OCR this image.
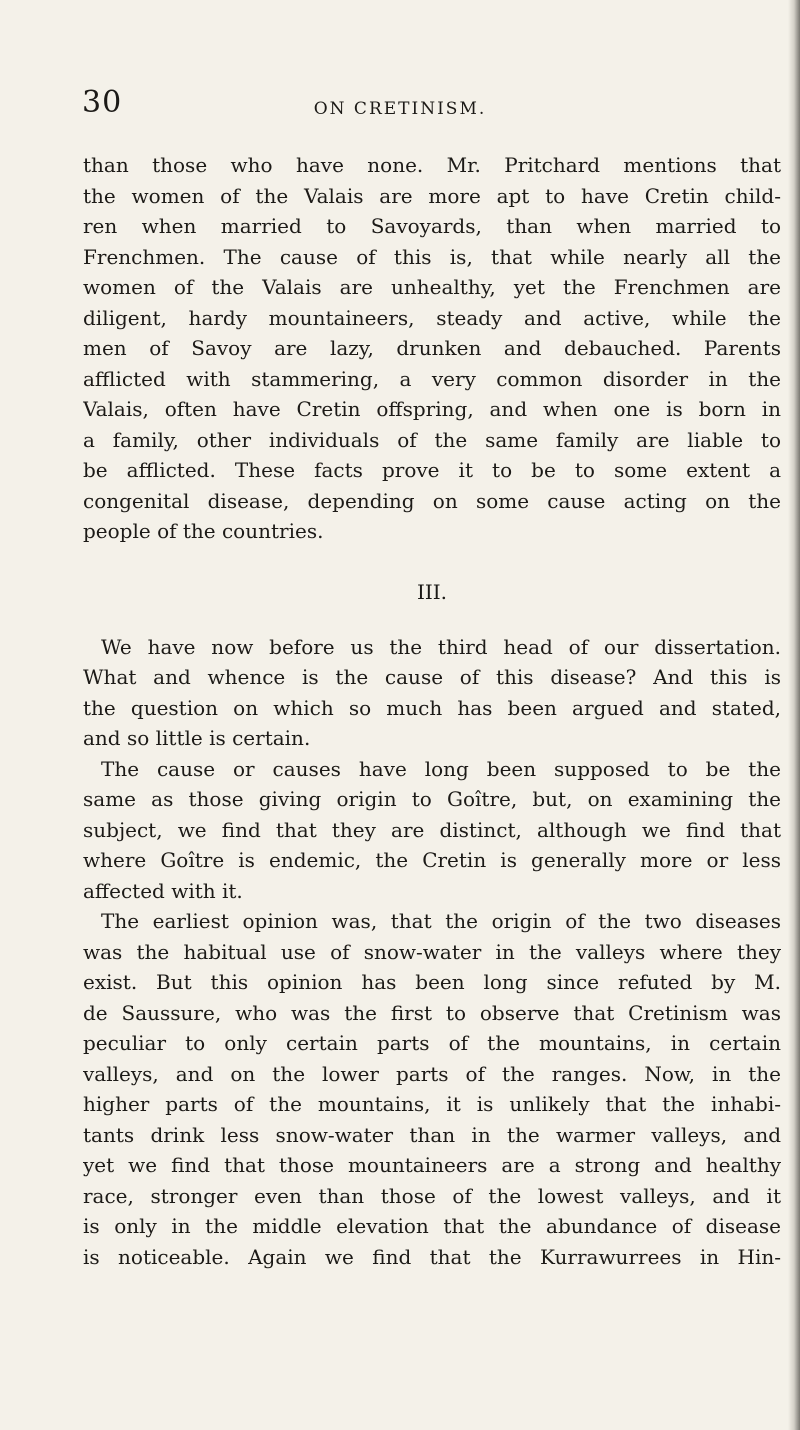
30	ON CRETINISM.
than those who have none. Mr. Pritchard mentions that
the women of the Valais are more apt to have Cretin child-
ren when married to Savoyards, than when married to
Frenchmen. The cause of this is, that while nearly all the
women of the Valais are unhealthy, yet the Frenchmen are
diligent, hardy mountaineers, steady and active, while the
men of Savoy are lazy, drunken and debauched. Parents
afflicted with stammering, a very common disorder in the
Valais, often have Cretin offspring, and when one is born in
a family, other individuals of the same family are liable to
be afflicted. These facts prove it to be to some extent a
congenital disease, depending on some cause acting on the
people of the countries.
III.
We have now before us the third head of our dissertation.
What and whence is the cause of this disease? And this is
the question on which so much has been argued and stated,
and so little is certain.
The cause or causes have long been supposed to be the
same as those giving origin to Goître, but, on examining the
subject, we find that they are distinct, although we find that
where Goître is endemic, the Cretin is generally more or less
affected with it.
The earliest opinion was, that the origin of the two diseases
was the habitual use of snow-water in the valleys where they
exist. But this opinion has been long since refuted by M.
de Saussure, who was the first to observe that Cretinism was
peculiar to only certain parts of the mountains, in certain
valleys, and on the lower parts of the ranges. Now, in the
higher parts of the mountains, it is unlikely that the inhabi-
tants drink less snow-water than in the warmer valleys, and
yet we find that those mountaineers are a strong and healthy
race, stronger even than those of the lowest valleys, and it
is only in the middle elevation that the abundance of disease
is noticeable. Again we find that the Kurrawurrees in Hin-
